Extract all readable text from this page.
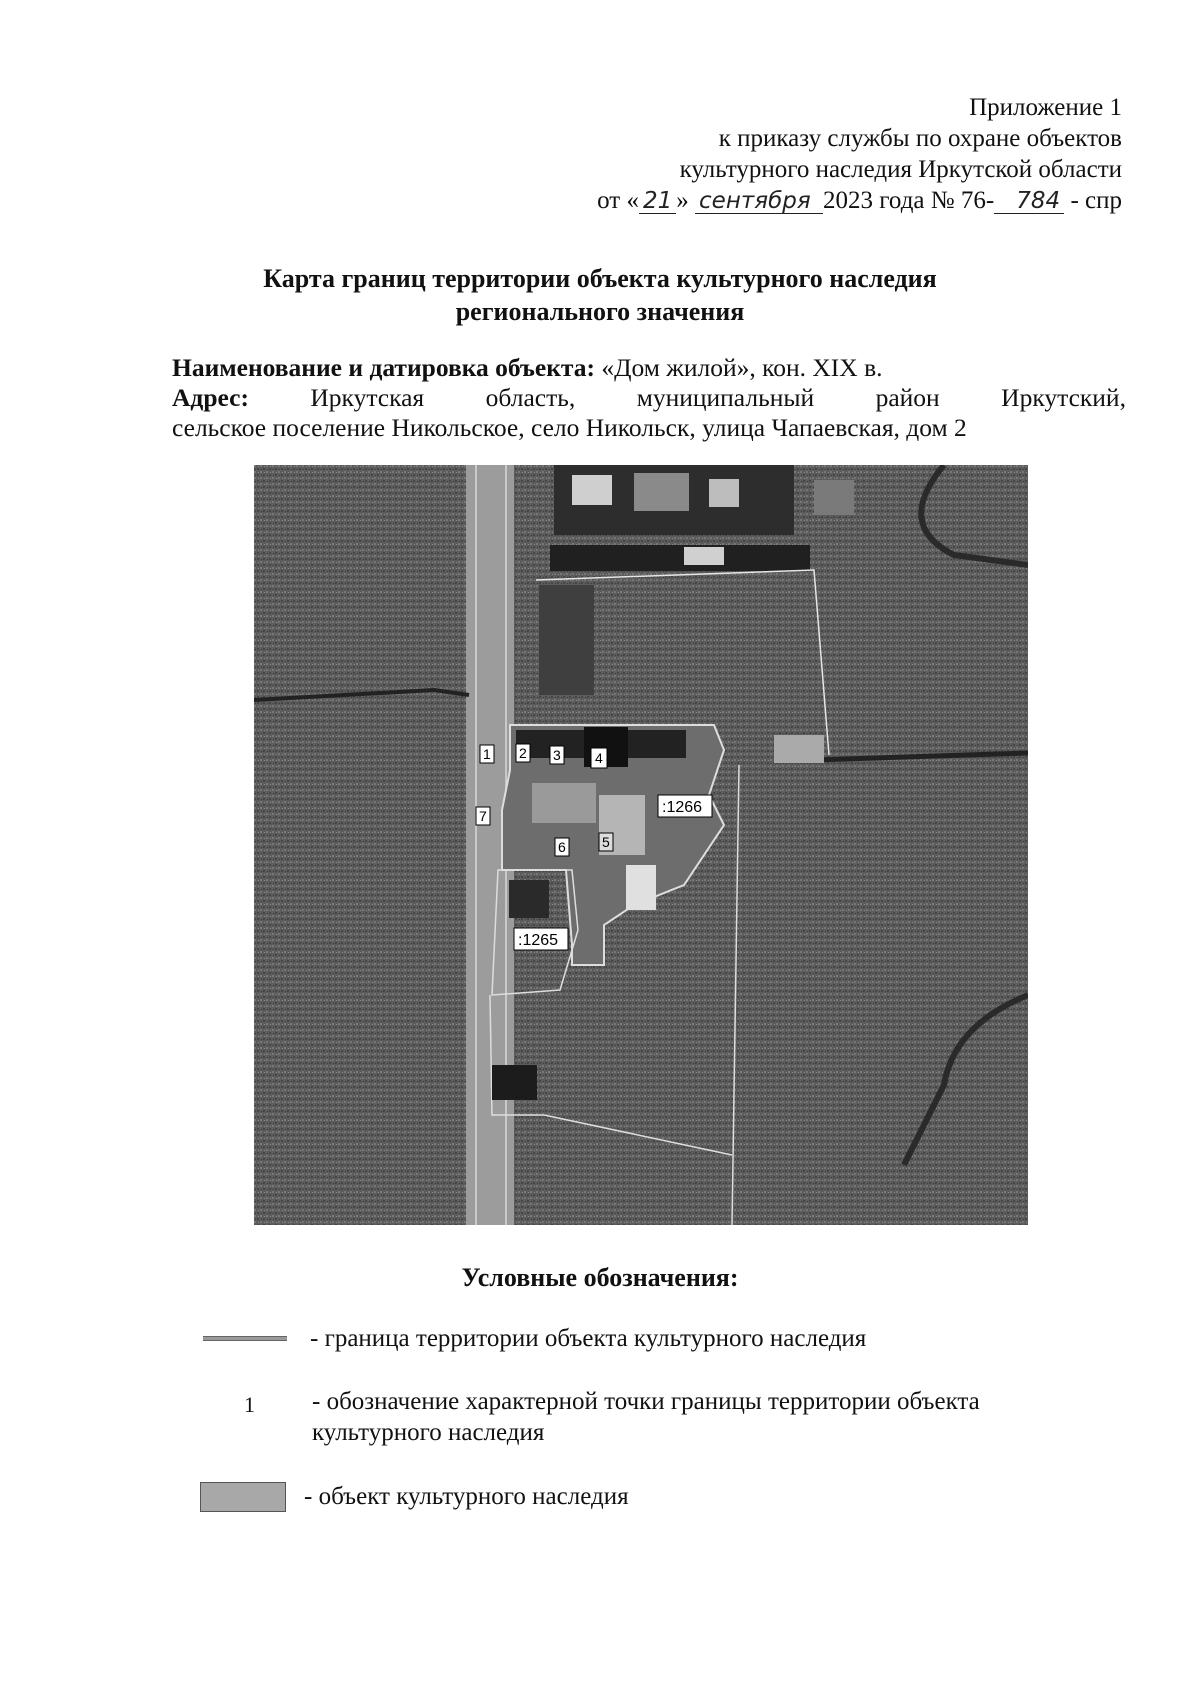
Приложение 1
к приказу службы по охране объектов
культурного наследия Иркутской области
от « 21 » сентября 2023 года № 76- 784 - спр
Карта границ территории объекта культурного наследия
регионального значения
Наименование и датировка объекта: «Дом жилой», кон. XIX в.
Адрес: Иркутская область, муниципальный район Иркутский,
сельское поселение Никольское, село Никольск, улица Чапаевская, дом 2
1 2 3 4
5
6
7	:1266
:1265
Условные обозначения:
- граница территории объекта культурного наследия
1 - обозначение характерной точки границы территории объекта культурного наследия
- объект культурного наследия
